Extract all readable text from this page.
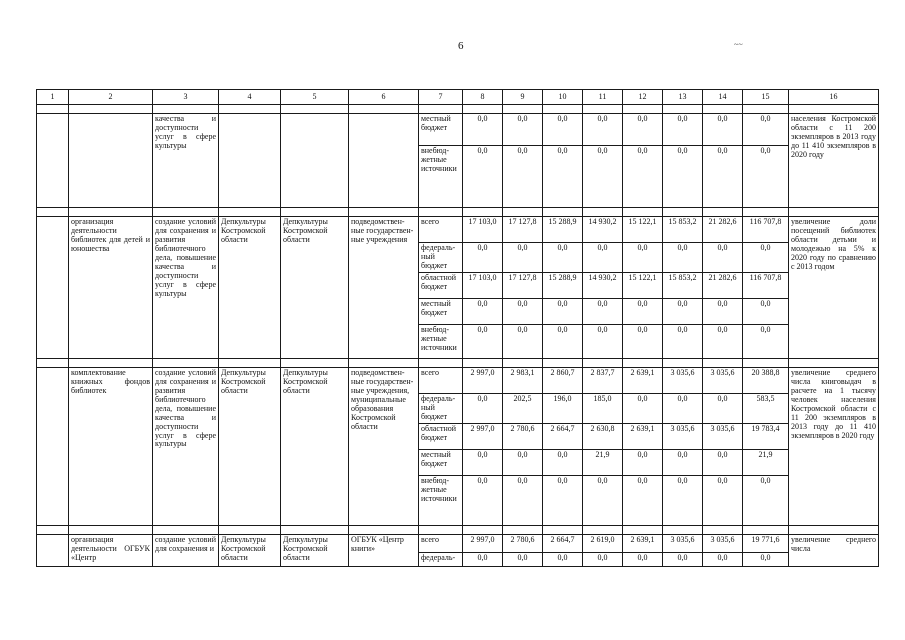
6	~~
1	2	3	4	5	6	7	8	9	10	11	12	13	14	15	16

		качества и доступности услуг в сфере культуры				местный бюджет	0,0	0,0	0,0	0,0	0,0	0,0	0,0	0,0	населения Костромской области с 11 200 экземпляров в 2013 году до 11 410 экземпляров в 2020 году
						внебюд-жетные источники	0,0	0,0	0,0	0,0	0,0	0,0	0,0	0,0	

	организация деятельности библиотек для детей и юношества	создание условий для сохранения и развития библиотечного дела, повышение качества и доступности услуг в сфере культуры	Депкультуры Костромской области	Депкультуры Костромской области	подведомствен-ные государствен-ные учреждения	всего	17 103,0	17 127,8	15 288,9	14 930,2	15 122,1	15 853,2	21 282,6	116 707,8	увеличение доли посещений библиотек области детьми и молодежью на 5% к 2020 году по сравнению с 2013 годом
						федераль-ный бюджет	0,0	0,0	0,0	0,0	0,0	0,0	0,0	0,0	
						областной бюджет	17 103,0	17 127,8	15 288,9	14 930,2	15 122,1	15 853,2	21 282,6	116 707,8	
						местный бюджет	0,0	0,0	0,0	0,0	0,0	0,0	0,0	0,0	
						внебюд-жетные источники	0,0	0,0	0,0	0,0	0,0	0,0	0,0	0,0	

	комплектование книжных фондов библиотек	создание условий для сохранения и развития библиотечного дела, повышение качества и доступности услуг в сфере культуры	Депкультуры Костромской области	Депкультуры Костромской области	подведомствен-ные государствен-ные учреждения, муниципальные образования Костромской области	всего	2 997,0	2 983,1	2 860,7	2 837,7	2 639,1	3 035,6	3 035,6	20 388,8	увеличение среднего числа книговыдач в расчете на 1 тысячу человек населения Костромской области с 11 200 экземпляров в 2013 году до 11 410 экземпляров в 2020 году
						федераль-ный бюджет	0,0	202,5	196,0	185,0	0,0	0,0	0,0	583,5	
						областной бюджет	2 997,0	2 780,6	2 664,7	2 630,8	2 639,1	3 035,6	3 035,6	19 783,4	
						местный бюджет	0,0	0,0	0,0	21,9	0,0	0,0	0,0	21,9	
						внебюд-жетные источники	0,0	0,0	0,0	0,0	0,0	0,0	0,0	0,0	

	организация деятельности ОГБУК «Центр	создание условий для сохранения и	Депкультуры Костромской области	Депкультуры Костромской области	ОГБУК «Центр книги»	всего	2 997,0	2 780,6	2 664,7	2 619,0	2 639,1	3 035,6	3 035,6	19 771,6	увеличение среднего числа
						федераль-	0,0	0,0	0,0	0,0	0,0	0,0	0,0	0,0	
